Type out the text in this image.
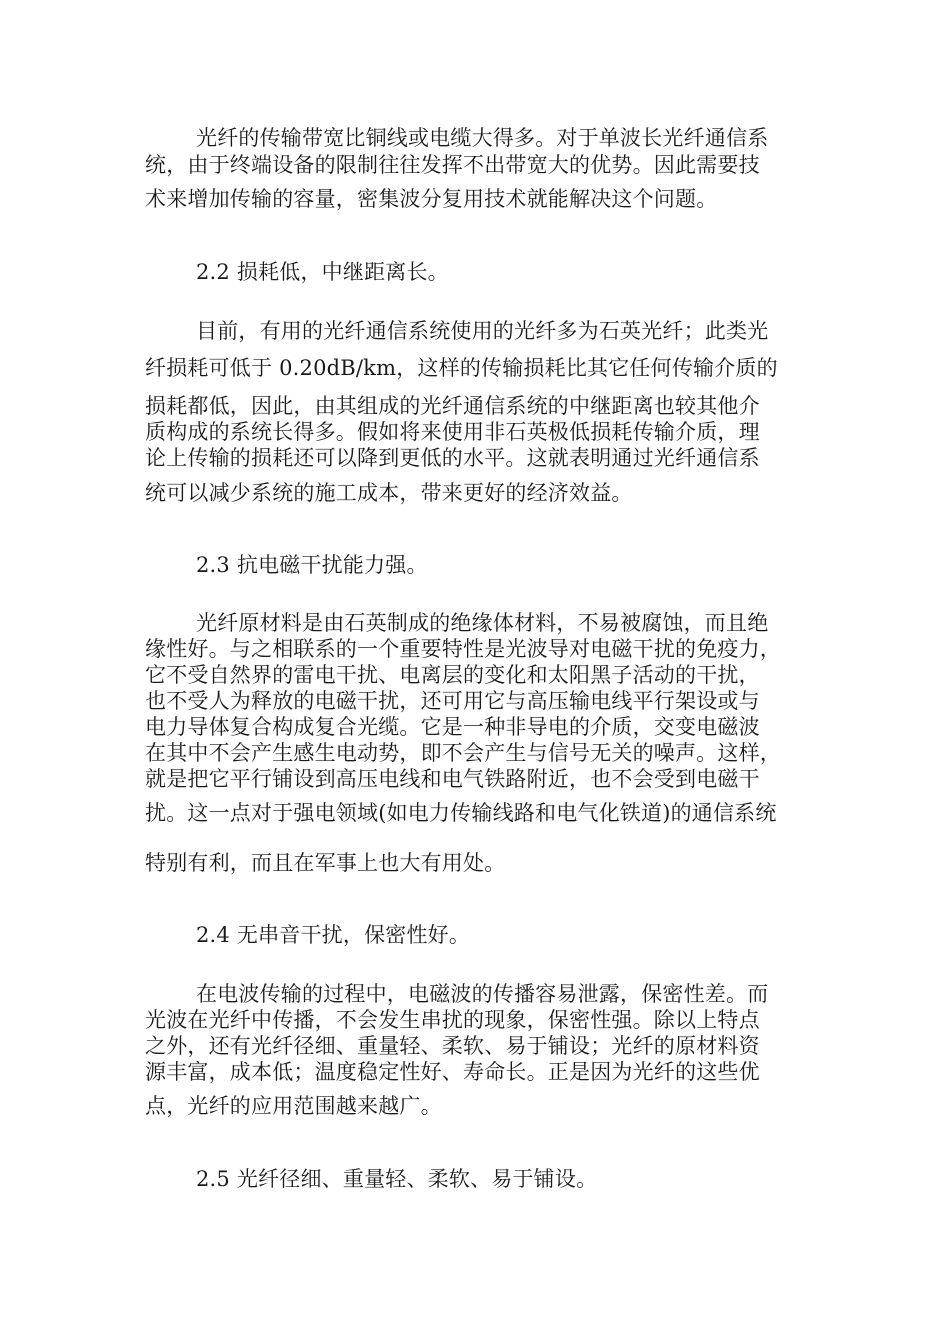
光纤的传输带宽比铜线或电缆大得多。对于单波长光纤通信系
统，由于终端设备的限制往往发挥不出带宽大的优势。因此需要技
术来增加传输的容量，密集波分复用技术就能解决这个问题。
2.2 损耗低，中继距离长。
目前，有用的光纤通信系统使用的光纤多为石英光纤；此类光
纤损耗可低于 0.20dB/km，这样的传输损耗比其它任何传输介质的
损耗都低，因此，由其组成的光纤通信系统的中继距离也较其他介
质构成的系统长得多。假如将来使用非石英极低损耗传输介质，理
论上传输的损耗还可以降到更低的水平。这就表明通过光纤通信系
统可以减少系统的施工成本，带来更好的经济效益。
2.3 抗电磁干扰能力强。
光纤原材料是由石英制成的绝缘体材料，不易被腐蚀，而且绝
缘性好。与之相联系的一个重要特性是光波导对电磁干扰的免疫力，
它不受自然界的雷电干扰、电离层的变化和太阳黑子活动的干扰，
也不受人为释放的电磁干扰，还可用它与高压输电线平行架设或与
电力导体复合构成复合光缆。它是一种非导电的介质，交变电磁波
在其中不会产生感生电动势，即不会产生与信号无关的噪声。这样，
就是把它平行铺设到高压电线和电气铁路附近，也不会受到电磁干
扰。这一点对于强电领域(如电力传输线路和电气化铁道)的通信系统
特别有利，而且在军事上也大有用处。
2.4 无串音干扰，保密性好。
在电波传输的过程中，电磁波的传播容易泄露，保密性差。而
光波在光纤中传播，不会发生串扰的现象，保密性强。除以上特点
之外，还有光纤径细、重量轻、柔软、易于铺设；光纤的原材料资
源丰富，成本低；温度稳定性好、寿命长。正是因为光纤的这些优
点，光纤的应用范围越来越广。
2.5 光纤径细、重量轻、柔软、易于铺设。
